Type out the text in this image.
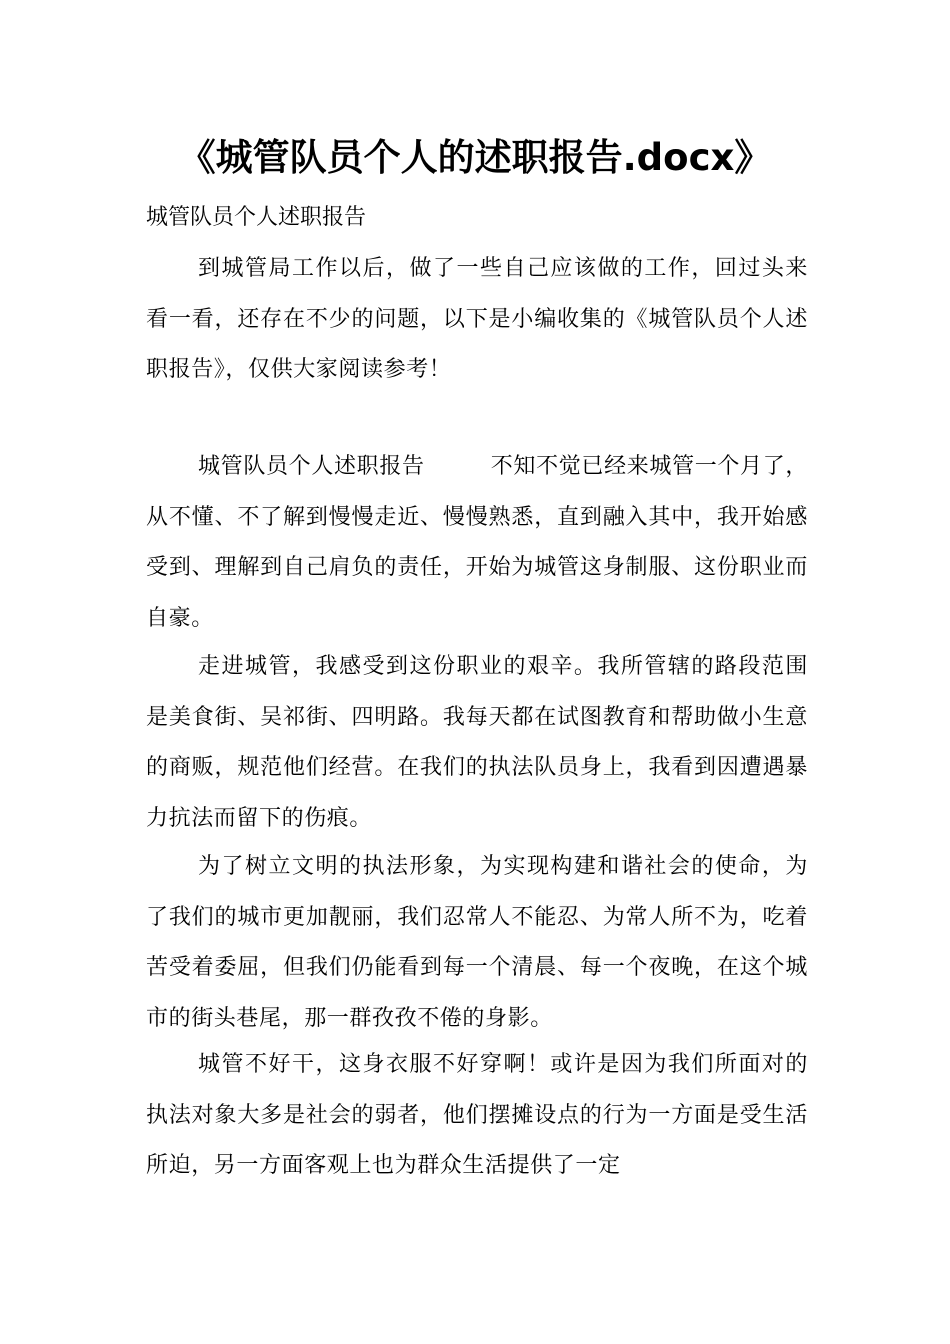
《城管队员个人的述职报告.docx》

城管队员个人述职报告

到城管局工作以后，做了一些自己应该做的工作，回过头来看一看，还存在不少的问题，以下是小编收集的《城管队员个人述职报告》，仅供大家阅读参考！

城管队员个人述职报告	不知不觉已经来城管一个月了，从不懂、不了解到慢慢走近、慢慢熟悉，直到融入其中，我开始感受到、理解到自己肩负的责任，开始为城管这身制服、这份职业而自豪。

走进城管，我感受到这份职业的艰辛。我所管辖的路段范围是美食街、吴祁街、四明路。我每天都在试图教育和帮助做小生意的商贩，规范他们经营。在我们的执法队员身上，我看到因遭遇暴力抗法而留下的伤痕。

为了树立文明的执法形象，为实现构建和谐社会的使命，为了我们的城市更加靓丽，我们忍常人不能忍、为常人所不为，吃着苦受着委屈，但我们仍能看到每一个清晨、每一个夜晚，在这个城市的街头巷尾，那一群孜孜不倦的身影。

城管不好干，这身衣服不好穿啊！或许是因为我们所面对的执法对象大多是社会的弱者，他们摆摊设点的行为一方面是受生活所迫，另一方面客观上也为群众生活提供了一定
